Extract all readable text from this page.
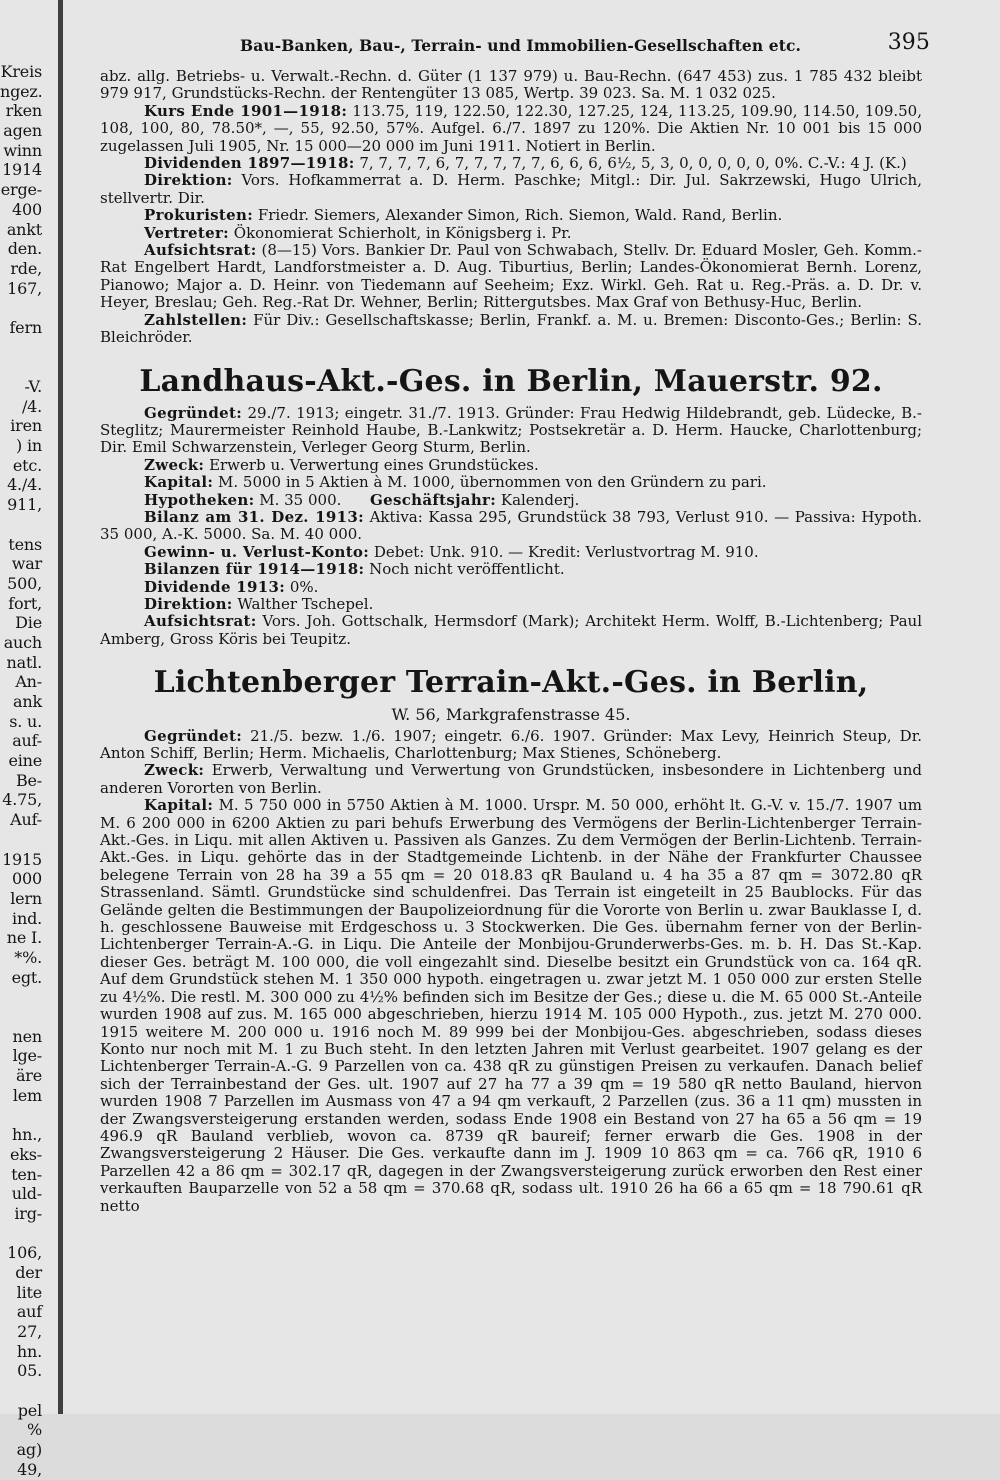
Kreis
ngez.
rken
agen
winn
1914
erge-
400
ankt
den.
rde,
167,
fern
-V.
/4.
iren
) in
etc.
4./4.
911,
tens
war
500,
fort,
Die
auch
natl.
An-
ank
s. u.
auf-
eine
Be-
4.75,
Auf-
1915
000
lern
ind.
ne I.
*%.
egt.
nen
lge-
äre
lem
hn.,
eks-
ten-
uld-
irg-
106,
der
lite
auf
27,
hn.
05.
pel
%
ag)
49,
Bau-Banken, Bau-, Terrain- und Immobilien-Gesellschaften etc.	395

abz. allg. Betriebs- u. Verwalt.-Rechn. d. Güter (1 137 979) u. Bau-Rechn. (647 453) zus. 1 785 432 bleibt 979 917, Grundstücks-Rechn. der Rentengüter 13 085, Wertp. 39 023. Sa. M. 1 032 025.

Kurs Ende 1901—1918: 113.75, 119, 122.50, 122.30, 127.25, 124, 113.25, 109.90, 114.50, 109.50, 108, 100, 80, 78.50*, —, 55, 92.50, 57%. Aufgel. 6./7. 1897 zu 120%. Die Aktien Nr. 10 001 bis 15 000 zugelassen Juli 1905, Nr. 15 000—20 000 im Juni 1911. Notiert in Berlin.

Dividenden 1897—1918: 7, 7, 7, 7, 6, 7, 7, 7, 7, 7, 6, 6, 6, 6½, 5, 3, 0, 0, 0, 0, 0, 0%. C.-V.: 4 J. (K.)

Direktion: Vors. Hofkammerrat a. D. Herm. Paschke; Mitgl.: Dir. Jul. Sakrzewski, Hugo Ulrich, stellvertr. Dir.

Prokuristen: Friedr. Siemers, Alexander Simon, Rich. Siemon, Wald. Rand, Berlin.

Vertreter: Ökonomierat Schierholt, in Königsberg i. Pr.

Aufsichtsrat: (8—15) Vors. Bankier Dr. Paul von Schwabach, Stellv. Dr. Eduard Mosler, Geh. Komm.-Rat Engelbert Hardt, Landforstmeister a. D. Aug. Tiburtius, Berlin; Landes-Ökonomierat Bernh. Lorenz, Pianowo; Major a. D. Heinr. von Tiedemann auf Seeheim; Exz. Wirkl. Geh. Rat u. Reg.-Präs. a. D. Dr. v. Heyer, Breslau; Geh. Reg.-Rat Dr. Wehner, Berlin; Rittergutsbes. Max Graf von Bethusy-Huc, Berlin.

Zahlstellen: Für Div.: Gesellschaftskasse; Berlin, Frankf. a. M. u. Bremen: Disconto-Ges.; Berlin: S. Bleichröder.

Landhaus-Akt.-Ges. in Berlin, Mauerstr. 92.

Gegründet: 29./7. 1913; eingetr. 31./7. 1913. Gründer: Frau Hedwig Hildebrandt, geb. Lüdecke, B.-Steglitz; Maurermeister Reinhold Haube, B.-Lankwitz; Postsekretär a. D. Herm. Haucke, Charlottenburg; Dir. Emil Schwarzenstein, Verleger Georg Sturm, Berlin.

Zweck: Erwerb u. Verwertung eines Grundstückes.

Kapital: M. 5000 in 5 Aktien à M. 1000, übernommen von den Gründern zu pari.

Hypotheken: M. 35 000. Geschäftsjahr: Kalenderj.

Bilanz am 31. Dez. 1913: Aktiva: Kassa 295, Grundstück 38 793, Verlust 910. — Passiva: Hypoth. 35 000, A.-K. 5000. Sa. M. 40 000.

Gewinn- u. Verlust-Konto: Debet: Unk. 910. — Kredit: Verlustvortrag M. 910.

Bilanzen für 1914—1918: Noch nicht veröffentlicht.

Dividende 1913: 0%.

Direktion: Walther Tschepel.

Aufsichtsrat: Vors. Joh. Gottschalk, Hermsdorf (Mark); Architekt Herm. Wolff, B.-Lichtenberg; Paul Amberg, Gross Köris bei Teupitz.

Lichtenberger Terrain-Akt.-Ges. in Berlin,
W. 56, Markgrafenstrasse 45.

Gegründet: 21./5. bezw. 1./6. 1907; eingetr. 6./6. 1907. Gründer: Max Levy, Heinrich Steup, Dr. Anton Schiff, Berlin; Herm. Michaelis, Charlottenburg; Max Stienes, Schöneberg.

Zweck: Erwerb, Verwaltung und Verwertung von Grundstücken, insbesondere in Lichtenberg und anderen Vororten von Berlin.

Kapital: M. 5 750 000 in 5750 Aktien à M. 1000. Urspr. M. 50 000, erhöht lt. G.-V. v. 15./7. 1907 um M. 6 200 000 in 6200 Aktien zu pari behufs Erwerbung des Vermögens der Berlin-Lichtenberger Terrain-Akt.-Ges. in Liqu. mit allen Aktiven u. Passiven als Ganzes. Zu dem Vermögen der Berlin-Lichtenb. Terrain-Akt.-Ges. in Liqu. gehörte das in der Stadtgemeinde Lichtenb. in der Nähe der Frankfurter Chaussee belegene Terrain von 28 ha 39 a 55 qm = 20 018.83 qR Bauland u. 4 ha 35 a 87 qm = 3072.80 qR Strassenland. Sämtl. Grundstücke sind schuldenfrei. Das Terrain ist eingeteilt in 25 Baublocks. Für das Gelände gelten die Bestimmungen der Baupolizeiordnung für die Vororte von Berlin u. zwar Bauklasse I, d. h. geschlossene Bauweise mit Erdgeschoss u. 3 Stockwerken. Die Ges. übernahm ferner von der Berlin-Lichtenberger Terrain-A.-G. in Liqu. Die Anteile der Monbijou-Grunderwerbs-Ges. m. b. H. Das St.-Kap. dieser Ges. beträgt M. 100 000, die voll eingezahlt sind. Dieselbe besitzt ein Grundstück von ca. 164 qR. Auf dem Grundstück stehen M. 1 350 000 hypoth. eingetragen u. zwar jetzt M. 1 050 000 zur ersten Stelle zu 4½%. Die restl. M. 300 000 zu 4½% befinden sich im Besitze der Ges.; diese u. die M. 65 000 St.-Anteile wurden 1908 auf zus. M. 165 000 abgeschrieben, hierzu 1914 M. 105 000 Hypoth., zus. jetzt M. 270 000. 1915 weitere M. 200 000 u. 1916 noch M. 89 999 bei der Monbijou-Ges. abgeschrieben, sodass dieses Konto nur noch mit M. 1 zu Buch steht. In den letzten Jahren mit Verlust gearbeitet. 1907 gelang es der Lichtenberger Terrain-A.-G. 9 Parzellen von ca. 438 qR zu günstigen Preisen zu verkaufen. Danach belief sich der Terrainbestand der Ges. ult. 1907 auf 27 ha 77 a 39 qm = 19 580 qR netto Bauland, hiervon wurden 1908 7 Parzellen im Ausmass von 47 a 94 qm verkauft, 2 Parzellen (zus. 36 a 11 qm) mussten in der Zwangsversteigerung erstanden werden, sodass Ende 1908 ein Bestand von 27 ha 65 a 56 qm = 19 496.9 qR Bauland verblieb, wovon ca. 8739 qR baureif; ferner erwarb die Ges. 1908 in der Zwangsversteigerung 2 Häuser. Die Ges. verkaufte dann im J. 1909 10 863 qm = ca. 766 qR, 1910 6 Parzellen 42 a 86 qm = 302.17 qR, dagegen in der Zwangsversteigerung zurück erworben den Rest einer verkauften Bauparzelle von 52 a 58 qm = 370.68 qR, sodass ult. 1910 26 ha 66 a 65 qm = 18 790.61 qR netto
